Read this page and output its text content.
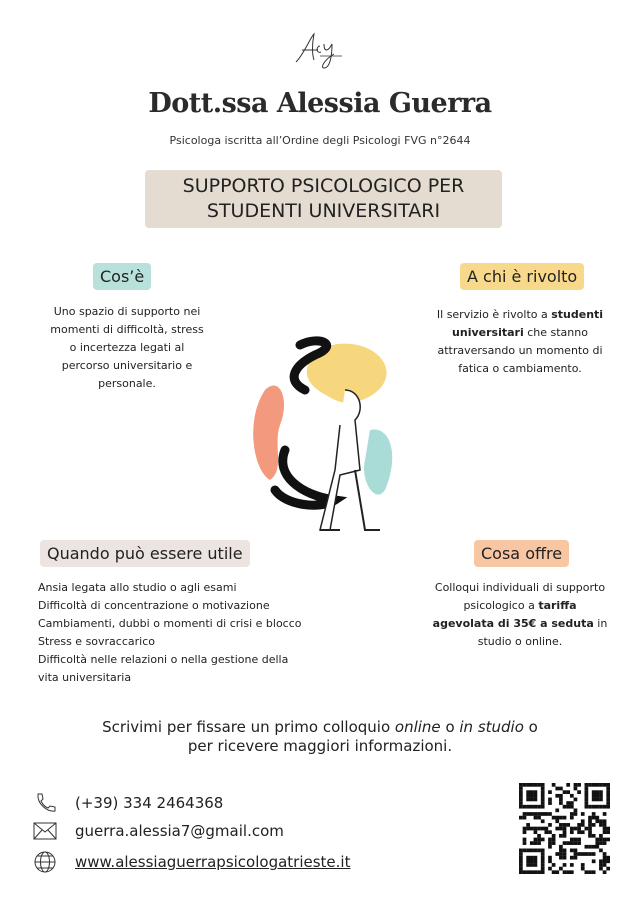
Dott.ssa Alessia Guerra
Psicologa iscritta all’Ordine degli Psicologi FVG n°2644
SUPPORTO PSICOLOGICO PER
STUDENTI UNIVERSITARI
Cos’è
Uno spazio di supporto nei momenti di difficoltà, stress o incertezza legati al percorso universitario e personale.
A chi è rivolto
Il servizio è rivolto a studenti universitari che stanno attraversando un momento di fatica o cambiamento.
Quando può essere utile
Ansia legata allo studio o agli esami
Difficoltà di concentrazione o motivazione
Cambiamenti, dubbi o momenti di crisi e blocco
Stress e sovraccarico
Difficoltà nelle relazioni o nella gestione della vita universitaria
Cosa offre
Colloqui individuali di supporto psicologico a tariffa agevolata di 35€ a seduta in studio o online.
Scrivimi per fissare un primo colloquio online o in studio o
per ricevere maggiori informazioni.
(+39) 334 2464368
guerra.alessia7@gmail.com
www.alessiaguerrapsicologatrieste.it
